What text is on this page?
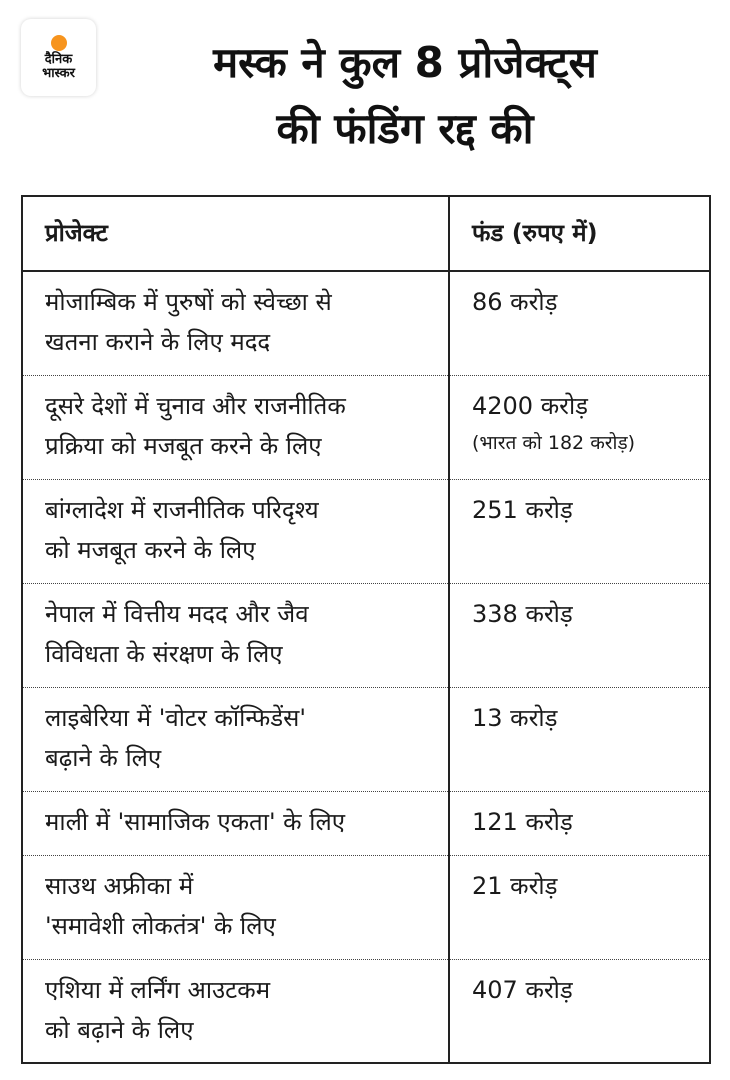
दैनिक
भास्कर	मस्क ने कुल 8 प्रोजेक्ट्स
की फंडिंग रद्द की
प्रोजेक्ट	फंड (रुपए में)

मोजाम्बिक में पुरुषों को स्वेच्छा से
खतना कराने के लिए मदद	86 करोड़

दूसरे देशों में चुनाव और राजनीतिक
प्रक्रिया को मजबूत करने के लिए	4200 करोड़
(भारत को 182 करोड़)

बांग्लादेश में राजनीतिक परिदृश्य
को मजबूत करने के लिए	251 करोड़

नेपाल में वित्तीय मदद और जैव
विविधता के संरक्षण के लिए	338 करोड़

लाइबेरिया में 'वोटर कॉन्फिडेंस'
बढ़ाने के लिए	13 करोड़

माली में 'सामाजिक एकता' के लिए	121 करोड़

साउथ अफ्रीका में
'समावेशी लोकतंत्र' के लिए	21 करोड़

एशिया में लर्निंग आउटकम
को बढ़ाने के लिए	407 करोड़
